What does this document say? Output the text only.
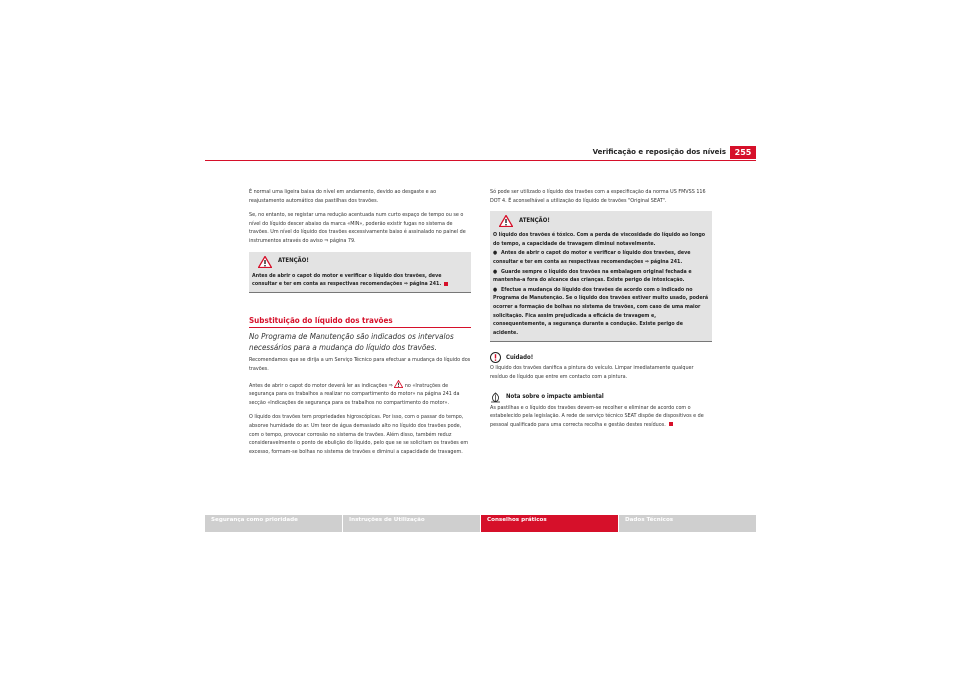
Verificação e reposição dos níveis	255

É normal uma ligeira baixa do nível em andamento, devido ao desgaste e ao reajustamento automático das pastilhas dos travões.

Se, no entanto, se registar uma redução acentuada num curto espaço de tempo ou se o nível do líquido descer abaixo da marca «MIN», poderão existir fugas no sistema de travões. Um nível do líquido dos travões excessivamente baixo é assinalado no painel de instrumentos através do aviso ⇒ página 79.

ATENÇÃO!
Antes de abrir o capot do motor e verificar o líquido dos travões, deve consultar e ter em conta as respectivas recomendações ⇒ página 241.
Substituição do líquido dos travões
No Programa de Manutenção são indicados os intervalos necessários para a mudança do líquido dos travões.

Recomendamos que se dirija a um Serviço Técnico para efectuar a mudança do líquido dos travões.

Antes de abrir o capot do motor deverá ler as indicações ⇒ no «Instruções de segurança para os trabalhos a realizar no compartimento do motor» na página 241 da secção «Indicações de segurança para os trabalhos no compartimento do motor».

O líquido dos travões tem propriedades higroscópicas. Por isso, com o passar do tempo, absorve humidade do ar. Um teor de água demasiado alto no líquido dos travões pode, com o tempo, provocar corrosão no sistema de travões. Além disso, também reduz consideravelmente o ponto de ebulição do líquido, pelo que se se solicitam os travões em excesso, formam-se bolhas no sistema de travões e diminui a capacidade de travagem.

Só pode ser utilizado o líquido dos travões com a especificação da norma US FMVSS 116 DOT 4. É aconselhável a utilização do líquido de travões "Original SEAT".

ATENÇÃO!

O líquido dos travões é tóxico. Com a perda de viscosidade do líquido ao longo do tempo, a capacidade de travagem diminui notavelmente.

● Antes de abrir o capot do motor e verificar o líquido dos travões, deve consultar e ter em conta as respectivas recomendações ⇒ página 241.

● Guarde sempre o líquido dos travões na embalagem original fechada e mantenha-a fora do alcance das crianças. Existe perigo de intoxicação.

● Efectue a mudança do líquido dos travões de acordo com o indicado no Programa de Manutenção. Se o líquido dos travões estiver muito usado, poderá ocorrer a formação de bolhas no sistema de travões, com caso de uma maior solicitação. Fica assim prejudicada a eficácia de travagem e, consequentemente, a segurança durante a condução. Existe perigo de acidente.

Cuidado!

O líquido dos travões danifica a pintura do veículo. Limpar imediatamente qualquer resíduo de líquido que entre em contacto com a pintura.

Nota sobre o impacte ambiental

As pastilhas e o líquido dos travões devem-se recolher e eliminar de acordo com o estabelecido pela legislação. A rede de serviço técnico SEAT dispõe de dispositivos e de pessoal qualificado para uma correcta recolha e gestão destes resíduos.

Segurança como prioridade	Instruções de Utilização	Conselhos práticos	Dados Técnicos
